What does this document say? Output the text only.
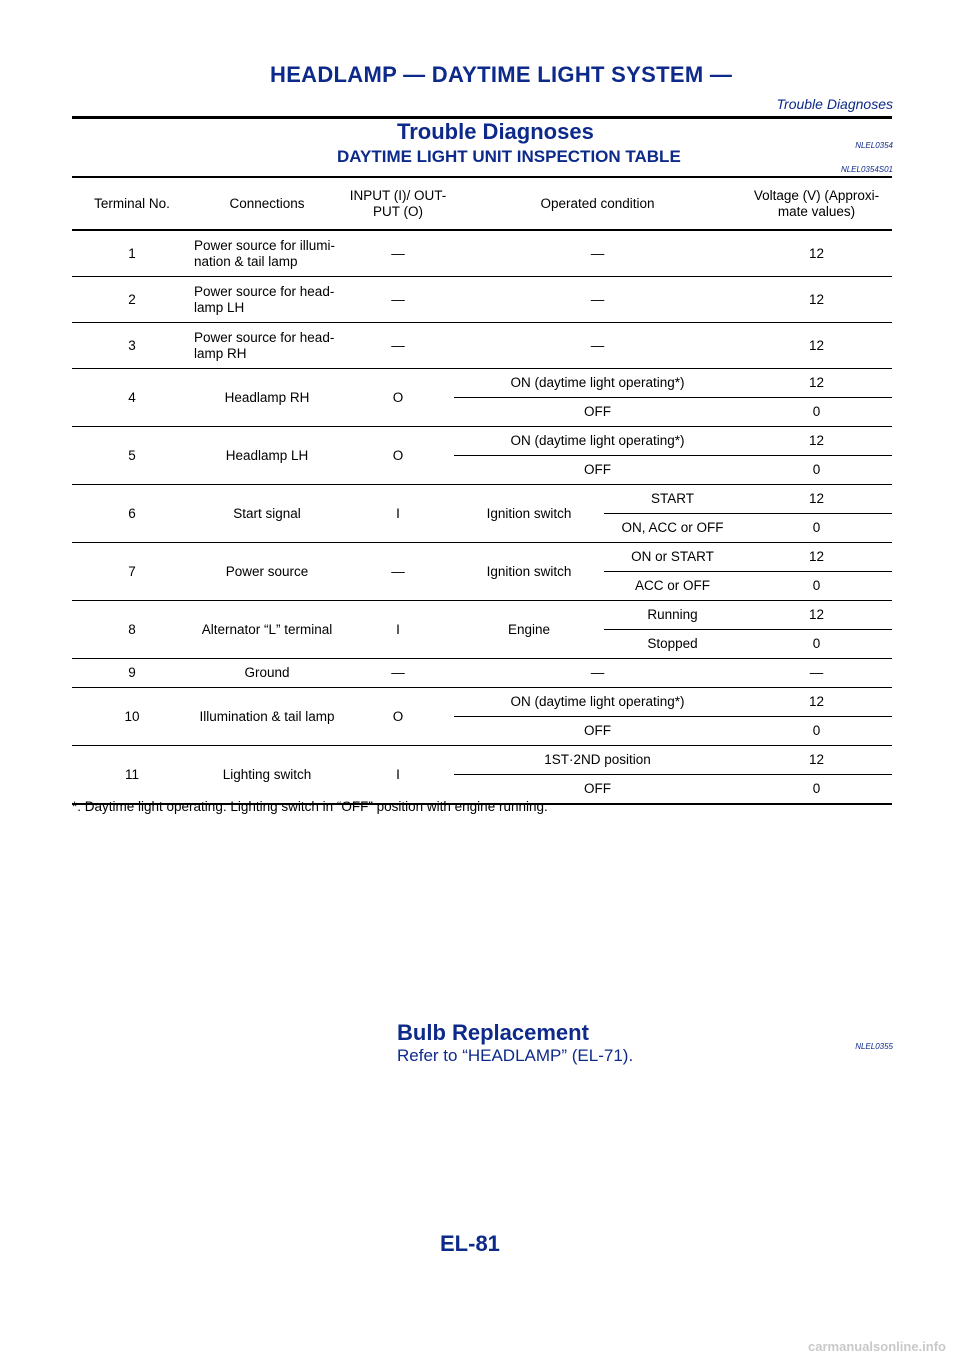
HEADLAMP — DAYTIME LIGHT SYSTEM —
Trouble Diagnoses
Trouble Diagnoses
NLEL0354
DAYTIME LIGHT UNIT INSPECTION TABLE
NLEL0354S01
Terminal No.	Connections	INPUT (I)/ OUT-PUT (O)	Operated condition		Voltage (V) (Approxi-mate values)
1	Power source for illumi-nation & tail lamp	—	—		12
2	Power source for head-lamp LH	—	—		12
3	Power source for head-lamp RH	—	—		12
4	Headlamp RH	O	ON (daytime light operating*)		12
			OFF		0
5	Headlamp LH	O	ON (daytime light operating*)		12
			OFF		0
6	Start signal	I	Ignition switch	START	12
				ON, ACC or OFF	0
7	Power source	—	Ignition switch	ON or START	12
				ACC or OFF	0
8	Alternator “L” terminal	I	Engine	Running	12
				Stopped	0
9	Ground	—	—		—
10	Illumination & tail lamp	O	ON (daytime light operating*)		12
			OFF		0
11	Lighting switch	I	1ST·2ND position		12
			OFF		0

*: Daytime light operating: Lighting switch in “OFF” position with engine running.

Bulb Replacement
NLEL0355

Refer to “HEADLAMP” (EL-71).

EL-81
carmanualsonline.info
